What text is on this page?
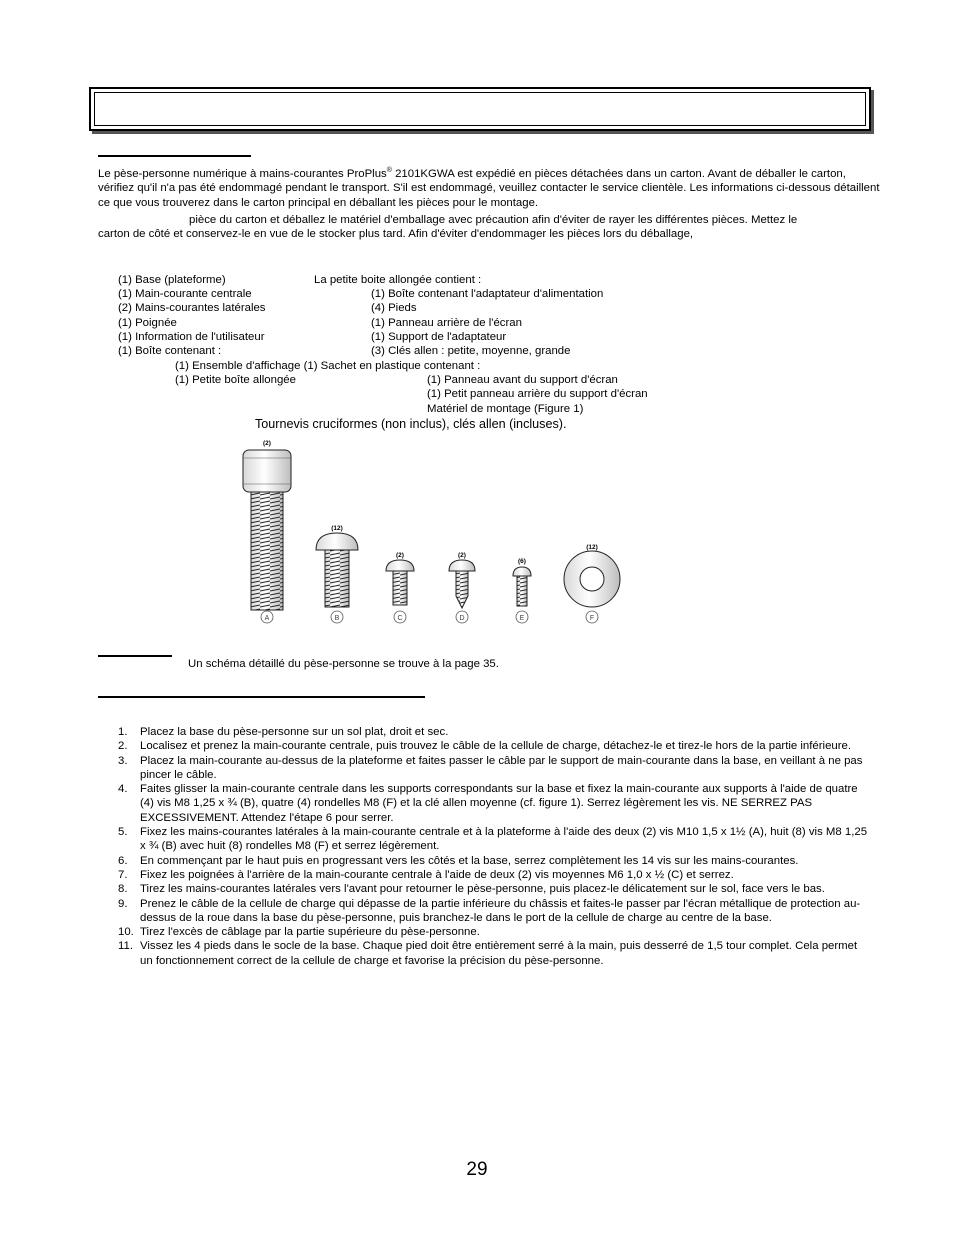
Le pèse-personne numérique à mains-courantes ProPlus® 2101KGWA est expédié en pièces détachées dans un carton. Avant de déballer le carton, vérifiez qu'il n'a pas été endommagé pendant le transport. S'il est endommagé, veuillez contacter le service clientèle. Les informations ci-dessous détaillent ce que vous trouverez dans le carton principal en déballant les pièces pour le montage.
pièce du carton et déballez le matériel d'emballage avec précaution afin d'éviter de rayer les différentes pièces. Mettez le
carton de côté et conservez-le en vue de le stocker plus tard. Afin d'éviter d'endommager les pièces lors du déballage,
(1) Base (plateforme)
(1) Main-courante centrale
(2) Mains-courantes latérales
(1) Poignée
(1) Information de l'utilisateur
(1) Boîte contenant :
La petite boite allongée contient :
(1) Boîte contenant l'adaptateur d'alimentation
(4) Pieds
(1) Panneau arrière de l'écran
(1) Support de l'adaptateur
(3) Clés allen : petite, moyenne, grande
(1) Ensemble d'affichage (1) Sachet en plastique contenant :
(1) Petite boîte allongée	(1) Panneau avant du support d'écran
(1) Petit panneau arrière du support d'écran
Matériel de montage (Figure 1)
Tournevis cruciformes (non inclus), clés allen (incluses).
(2)
A
(12)
B
(2)
C
(2)
D
(6)
E
(12)
F
Un schéma détaillé du pèse-personne se trouve à la page 35.
1. Placez la base du pèse-personne sur un sol plat, droit et sec.
2. Localisez et prenez la main-courante centrale, puis trouvez le câble de la cellule de charge, détachez-le et tirez-le hors de la partie inférieure.
3. Placez la main-courante au-dessus de la plateforme et faites passer le câble par le support de main-courante dans la base, en veillant à ne pas pincer le câble.
4. Faites glisser la main-courante centrale dans les supports correspondants sur la base et fixez la main-courante aux supports à l'aide de quatre (4) vis M8 1,25 x ¾ (B), quatre (4) rondelles M8 (F) et la clé allen moyenne (cf. figure 1). Serrez légèrement les vis. NE SERREZ PAS EXCESSIVEMENT. Attendez l'étape 6 pour serrer.
5. Fixez les mains-courantes latérales à la main-courante centrale et à la plateforme à l'aide des deux (2) vis M10 1,5 x 1½ (A), huit (8) vis M8 1,25 x ¾ (B) avec huit (8) rondelles M8 (F) et serrez légèrement.
6. En commençant par le haut puis en progressant vers les côtés et la base, serrez complètement les 14 vis sur les mains-courantes.
7. Fixez les poignées à l'arrière de la main-courante centrale à l'aide de deux (2) vis moyennes M6 1,0 x ½ (C) et serrez.
8. Tirez les mains-courantes latérales vers l'avant pour retourner le pèse-personne, puis placez-le délicatement sur le sol, face vers le bas.
9. Prenez le câble de la cellule de charge qui dépasse de la partie inférieure du châssis et faites-le passer par l'écran métallique de protection au-dessus de la roue dans la base du pèse-personne, puis branchez-le dans le port de la cellule de charge au centre de la base.
10. Tirez l'excès de câblage par la partie supérieure du pèse-personne.
11. Vissez les 4 pieds dans le socle de la base. Chaque pied doit être entièrement serré à la main, puis desserré de 1,5 tour complet. Cela permet un fonctionnement correct de la cellule de charge et favorise la précision du pèse-personne.
29
